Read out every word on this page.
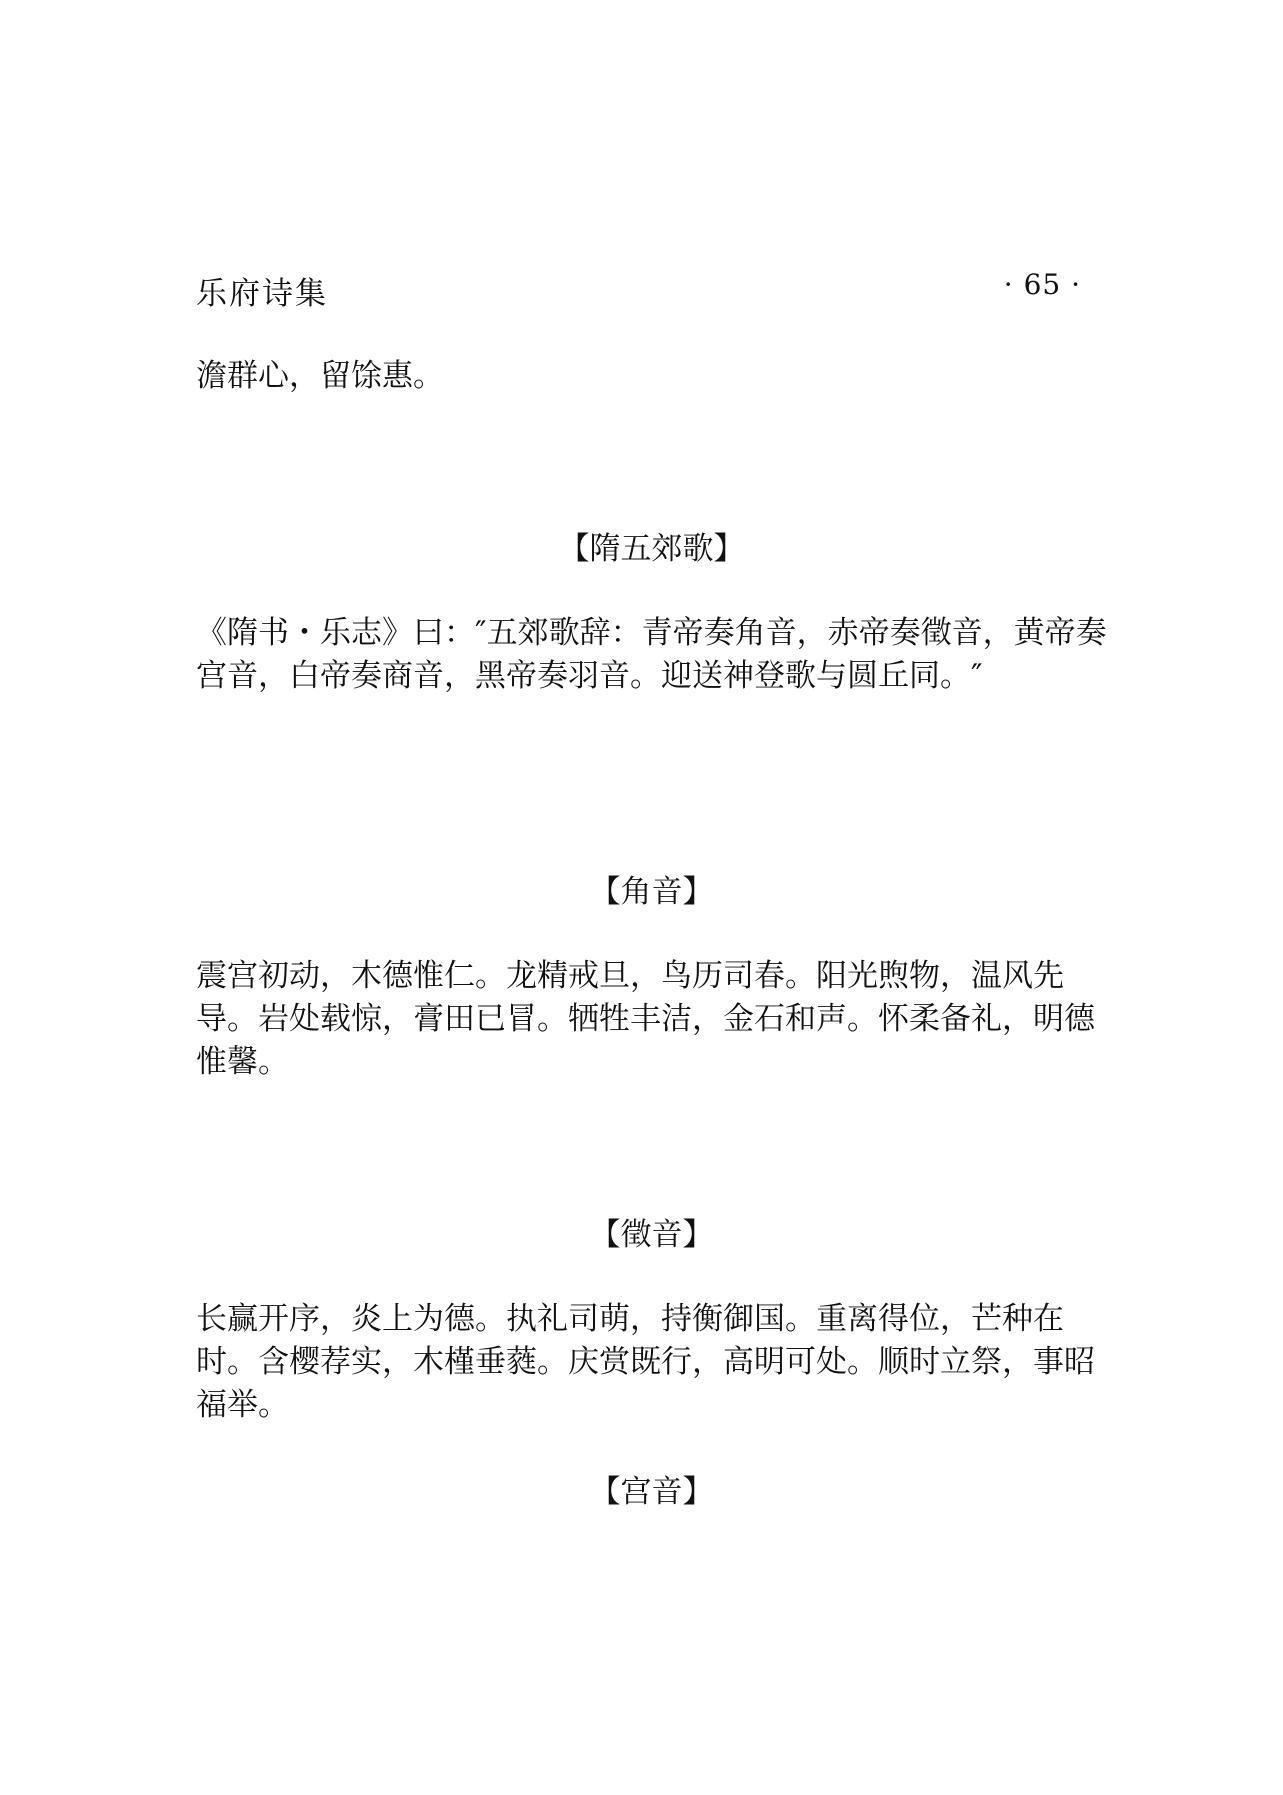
乐府诗集	· 65 ·

澹群心，留馀惠。

【隋五郊歌】

《隋书・乐志》曰：″五郊歌辞：青帝奏角音，赤帝奏徵音，黄帝奏宫音，白帝奏商音，黑帝奏羽音。迎送神登歌与圆丘同。″

【角音】

震宫初动，木德惟仁。龙精戒旦，鸟历司春。阳光煦物，温风先导。岩处载惊，膏田已冒。牺牲丰洁，金石和声。怀柔备礼，明德惟馨。

【徵音】

长赢开序，炎上为德。执礼司萌，持衡御国。重离得位，芒种在时。含樱荐实，木槿垂蕤。庆赏既行，高明可处。顺时立祭，事昭福举。

【宫音】
